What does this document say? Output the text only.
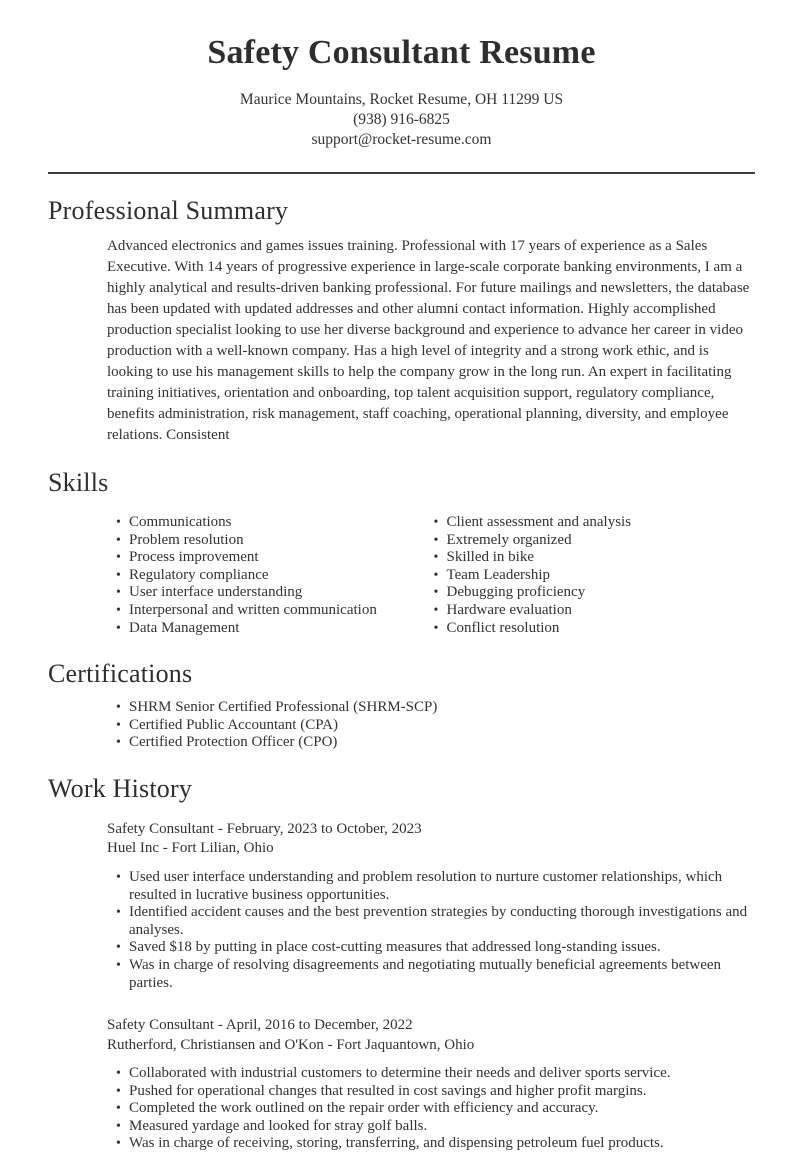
Safety Consultant Resume
Maurice Mountains, Rocket Resume, OH 11299 US
(938) 916-6825
support@rocket-resume.com
Professional Summary

Advanced electronics and games issues training. Professional with 17 years of experience as a Sales Executive. With 14 years of progressive experience in large-scale corporate banking environments, I am a highly analytical and results-driven banking professional. For future mailings and newsletters, the database has been updated with updated addresses and other alumni contact information. Highly accomplished production specialist looking to use her diverse background and experience to advance her career in video production with a well-known company. Has a high level of integrity and a strong work ethic, and is looking to use his management skills to help the company grow in the long run. An expert in facilitating training initiatives, orientation and onboarding, top talent acquisition support, regulatory compliance, benefits administration, risk management, staff coaching, operational planning, diversity, and employee relations. Consistent

Skills
• Communications
• Problem resolution
• Process improvement
• Regulatory compliance
• User interface understanding
• Interpersonal and written communication
• Data Management
• Client assessment and analysis
• Extremely organized
• Skilled in bike
• Team Leadership
• Debugging proficiency
• Hardware evaluation
• Conflict resolution
Certifications
• SHRM Senior Certified Professional (SHRM-SCP)
• Certified Public Accountant (CPA)
• Certified Protection Officer (CPO)
Work History
Safety Consultant - February, 2023 to October, 2023
Huel Inc - Fort Lilian, Ohio
• Used user interface understanding and problem resolution to nurture customer relationships, which resulted in lucrative business opportunities.
• Identified accident causes and the best prevention strategies by conducting thorough investigations and analyses.
• Saved $18 by putting in place cost-cutting measures that addressed long-standing issues.
• Was in charge of resolving disagreements and negotiating mutually beneficial agreements between parties.
Safety Consultant - April, 2016 to December, 2022
Rutherford, Christiansen and O'Kon - Fort Jaquantown, Ohio
• Collaborated with industrial customers to determine their needs and deliver sports service.
• Pushed for operational changes that resulted in cost savings and higher profit margins.
• Completed the work outlined on the repair order with efficiency and accuracy.
• Measured yardage and looked for stray golf balls.
• Was in charge of receiving, storing, transferring, and dispensing petroleum fuel products.
